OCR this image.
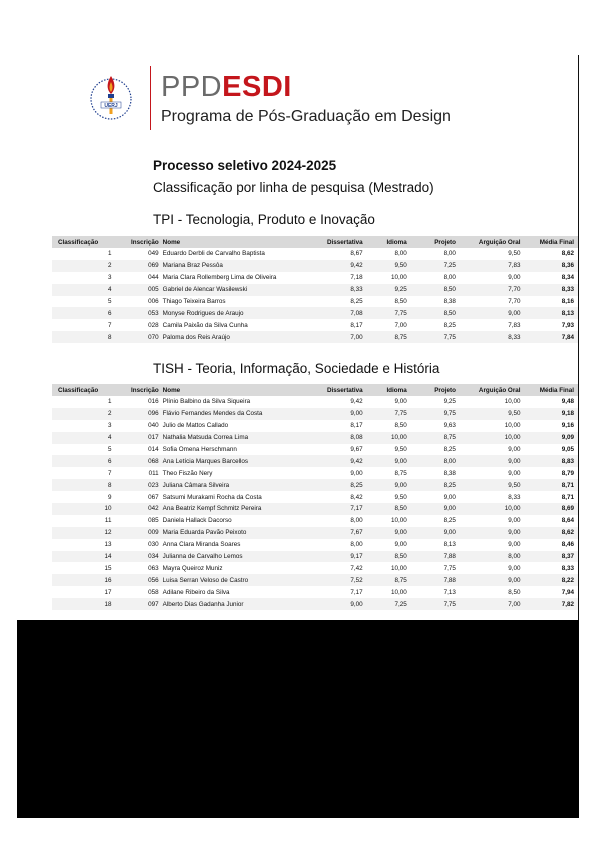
UERJ
PPDESDI
Programa de Pós-Graduação em Design
Processo seletivo 2024-2025
Classificação por linha de pesquisa (Mestrado)
TPI - Tecnologia, Produto e Inovação
Classificação	Inscrição	Nome	Dissertativa	Idioma	Projeto	Arguição Oral	Média Final
1	049	Eduardo Derbli de Carvalho Baptista	8,67	8,00	8,00	9,50	8,62
2	069	Mariana Braz Pessôa	9,42	9,50	7,25	7,83	8,36
3	044	Maria Clara Rollemberg Lima de Oliveira	7,18	10,00	8,00	9,00	8,34
4	005	Gabriel de Alencar Wasilewski	8,33	9,25	8,50	7,70	8,33
5	006	Thiago Teixeira Barros	8,25	8,50	8,38	7,70	8,16
6	053	Monyse Rodrigues de Araujo	7,08	7,75	8,50	9,00	8,13
7	028	Camila Paixão da Silva Cunha	8,17	7,00	8,25	7,83	7,93
8	070	Paloma dos Reis Araújo	7,00	8,75	7,75	8,33	7,84
TISH - Teoria, Informação, Sociedade e História
Classificação	Inscrição	Nome	Dissertativa	Idioma	Projeto	Arguição Oral	Média Final
1	016	Plínio Balbino da Silva Siqueira	9,42	9,00	9,25	10,00	9,48
2	096	Flávio Fernandes Mendes da Costa	9,00	7,75	9,75	9,50	9,18
3	040	Julio de Mattos Callado	8,17	8,50	9,63	10,00	9,16
4	017	Nathalia Matsuda Correa Lima	8,08	10,00	8,75	10,00	9,09
5	014	Sofia Omena Herschmann	9,67	9,50	8,25	9,00	9,05
6	068	Ana Letícia Marques Barcellos	9,42	9,00	8,00	9,00	8,83
7	011	Theo Fiszão Nery	9,00	8,75	8,38	9,00	8,79
8	023	Juliana Câmara Silveira	8,25	9,00	8,25	9,50	8,71
9	067	Satsumi Murakami Rocha da Costa	8,42	9,50	9,00	8,33	8,71
10	042	Ana Beatriz Kempf Schmitz Pereira	7,17	8,50	9,00	10,00	8,69
11	085	Daniela Hallack Dacorso	8,00	10,00	8,25	9,00	8,64
12	009	Maria Eduarda Pavão Peixoto	7,67	9,00	9,00	9,00	8,62
13	030	Anna Clara Miranda Soares	8,00	9,00	8,13	9,00	8,46
14	034	Julianna de Carvalho Lemos	9,17	8,50	7,88	8,00	8,37
15	063	Mayra Queiroz Muniz	7,42	10,00	7,75	9,00	8,33
16	056	Luisa Serran Veloso de Castro	7,52	8,75	7,88	9,00	8,22
17	058	Adilane Ribeiro da Silva	7,17	10,00	7,13	8,50	7,94
18	097	Alberto Dias Gadanha Junior	9,00	7,25	7,75	7,00	7,82
